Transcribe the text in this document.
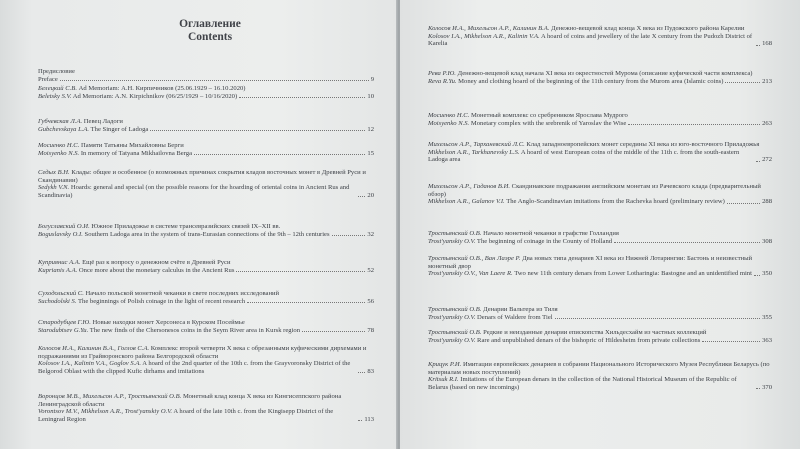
Оглавление
Contents
Предисловие
Preface	9
Белецкий С.В. Ad Memoriam: А.Н. Кирпичников (25.06.1929 – 16.10.2020)
Beletsky S.V. Ad Memoriam: A.N. Kirpichnikov (06/25/1929 – 10/16/2020)	10
Губчевская Л.А. Певец Ладоги
Gubchevskaya L.A. The Singer of Ladoga	12
Мосиенко Н.С. Памяти Татьяны Михайловны Берги
Moisyenko N.S. In memory of Tatyana Mikhailovna Berga	15
Седых В.Н. Клады: общее и особенное (о возможных причинах сокрытия кладов восточных монет в Древней Руси и Скандинавии)
Sedykh V.N. Hoards: general and special (on the possible reasons for the hoarding of oriental coins in Ancient Rus and Scandinavia)	20
Богуславский О.И. Южное Приладожье в системе трансевразийских связей IX–XII вв.
Boguslavsky O.I. Southern Ladoga area in the system of trans-Eurasian connections of the 9th – 12th centuries	32
Куприянис А.А. Ещё раз к вопросу о денежном счёте в Древней Руси
Kuprianis A.A. Once more about the monetary calculus in the Ancient Rus	52
Суходольский С. Начало польской монетной чеканки в свете последних исследований
Suchodolski S. The beginnings of Polish coinage in the light of recent research	56
Стародубцев Г.Ю. Новые находки монет Херсонеса в Курском Посеймье
Starodubtsev G.Yu. The new finds of the Chersonesos coins in the Seym River area in Kursk region	78
Колосов И.А., Калинин В.А., Гоглов С.А. Комплекс второй четверти X века с обрезанными куфическими дирхемами и подражаниями из Грайворонского района Белгородской области
Kolosov I.A., Kalinin V.A., Goglov S.A. A hoard of the 2nd quarter of the 10th c. from the Grayvoronsky District of the Belgorod Oblast with the clipped Kufic dirhams and imitations	83
Воронцов М.В., Михельсон А.Р., Тростьянский О.В. Монетный клад конца X века из Кингисеппского района Ленинградской области
Vorontsov M.V., Mikhelson A.R., Trost'yanskiy O.V. A hoard of the late 10th c. from the Kingisepp District of the Leningrad Region	113
Колосов И.А., Михельсон А.Р., Калинин В.А. Денежно-вещевой клад конца X века из Пудожского района Карелии
Kolosov I.A., Mikhelson A.R., Kalinin V.A. A hoard of coins and jewellery of the late X century from the Pudozh District of Karelia	168
Рева Р.Ю. Денежно-вещевой клад начала XI века из окрестностей Мурома (описание куфической части комплекса)
Reva R.Yu. Money and clothing hoard of the beginning of the 11th century from the Murom area (Islamic coins)	213
Мосиенко Н.С. Монетный комплекс со сребреником Ярослава Мудрого
Moisyenko N.S. Monetary complex with the srebrenik of Yaroslav the Wise	263
Михельсон А.Р., Тарханевский Л.С. Клад западноевропейских монет середины XI века из юго-восточного Приладожья
Mikhelson A.R., Tarkhanevsky L.S. A hoard of west European coins of the middle of the 11th c. from the south-eastern Ladoga area	272
Михельсон А.Р., Гаданов В.И. Скандинавские подражания английским монетам из Рачевского клада (предварительный обзор)
Mikhelson A.R., Galanov V.I. The Anglo-Scandinavian imitations from the Rachevka hoard (preliminary review)	288
Тростьянский О.В. Начало монетной чеканки в графстве Голландия
Trost'yanskiy O.V. The beginning of coinage in the County of Holland	308
Тростьянский О.В., Ван Лаэре Р. Два новых типа денариев XI века из Нижней Лотарингии: Бастонь и неизвестный монетный двор
Trost'yanskiy O.V., Van Laere R. Two new 11th century denars from Lower Lotharingia: Bastogne and an unidentified mint 350
Тростьянский О.В. Денарии Вальтера из Тиля
Trost'yanskiy O.V. Denars of Waldere from Tiel	355
Тростьянский О.В. Редкие и неизданные денарии епископства Хильдесхайм из частных коллекций
Trost'yanskiy O.V. Rare and unpublished denars of the bishopric of Hildesheim from private collections	363
Крицук Р.И. Имитации европейских денариев в собрании Национального Исторического Музея Республики Беларусь (по материалам новых поступлений)
Kritsuk R.I. Imitations of the European denars in the collection of the National Historical Museum of the Republic of Belarus (based on new incomings)	370
